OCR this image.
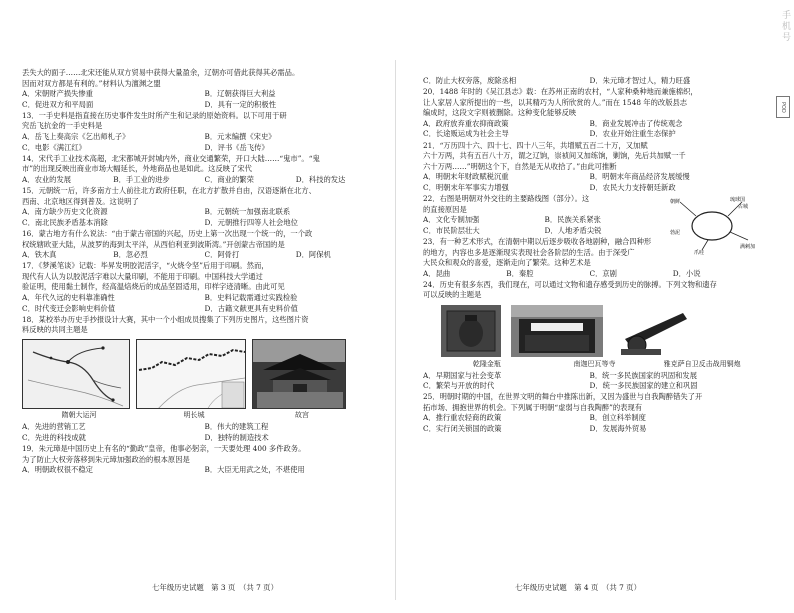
丢失大的面子……北宋还能从双方贸易中获得大量盈余，辽朝亦可借此获得其必需品。

因而对双方都是有利的。”材料认为澶渊之盟

A．宋朝财产损失惨重	B．辽朝获得巨大利益
C．促进双方和平局面	D．具有一定的积极性

13．一手史料是指直接在历史事件发生时所产生和记录的原始资料。以下可用于研

究岳飞抗金的一手史料是

A．岳飞上奏高宗《乞出师札子》	B．元末编撰《宋史》
C．电影《满江红》	D．评书《岳飞传》

14．宋代手工业技术高超，北宋都城开封城内外，商业交通繁荣，开口大陆……“鬼市”。“鬼

市”的出现反映出商业市场大幅延长，外地商品也是如此。这反映了宋代

A．农业的发展	B．手工业的进步	C．商业的繁荣	D．科技的发达

15．元朝统一后，许多南方士人前往北方政府任职，在北方扩散并自由，汉语逐渐在北方、

西南、北京地区得到普及。这说明了

A．南方缺少历史文化资源	B．元朝统一加强南北联系
C．南北民族矛盾基本消除	D．元朝推行四等人社会地位

16．蒙古地方有什么说法：“由于蒙古帝国的兴起，历史上第一次出现一个统一的，一个政

权统辖欧亚大陆，从波罗的海到太平洋，从西伯利亚到波斯湾。”开创蒙古帝国的是

A．铁木真	B．忽必烈	C．阿骨打	D．阿保机

17．《梦溪笔谈》记载：毕昇发明胶泥活字，“火烧令坚”后用于印刷。然而，

现代有人认为以胶泥活字难以大量印刷，不能用于印刷。中国科技大学通过

验证明，使用黏土制作，经高温焙烧后的成品坚固适用，印样字迹清晰。由此可见

A．年代久远的史料靠准确性	B．史料记载需通过实践检验
C．时代变迁会影响史料价值	D．古籍文献更具有史料价值

18．某校举办历史手抄报设计大赛，其中一个小组成员搜集了下列历史图片，这些图片资

料反映的共同主题是

隋朝大运河	明长城	故宫
A．先进的营销工艺	B．伟大的建筑工程
C．先进的科技成就	D．独特的制造技术

19．朱元璋是中国历史上有名的“勤政”皇帝，他事必躬亲，一天要处理 400 多件政务。

为了防止大权旁落移到朱元璋加强政治的根本原因是

A．明朝政权很不稳定	B．大臣无用武之处，不堪使用
七年级历史试题　第 3 页　（共 7 页）
手机号
POD
C．防止大权旁落，废除丞相	D．朱元璋才智过人，精力旺盛

20．1488 年时的《吴江县志》载：在苏州正南的农村，“人家种桑种地而兼施棉织，

让人家居人家所提出的一些，以其精巧为人所欣赏的人。”而在 1548 年的改版县志

编成时，这段文字则被删除。这种变化能够反映

A．政府放弃重农抑商政策	B．商业发展冲击了传统观念
C．长途贩运成为社会主导	D．农业开始注重生态保护

21．“万历四十六、四十七、四十八三年，共增赋五百二十万，又加赋

六十万两，共有五百八十万，谓之辽饷，崇祯间又加练饷，剿饷，先后共加赋一千

六十万两……”明朝这个下，自然是无从收拾了。”由此可推断

A．明朝末年财政赋税沉重	B．明朝末年商品经济发展缓慢
C．明朝末年军事实力增强	D．农民大力支持朝廷新政

22．右图是明朝对外交往的主要路线图（部分）。这

的直接原因是

A．文化专制加强	B．民族关系紧张
C．市民阶层壮大	D．人地矛盾尖锐
朝鲜	琉球国
占城
满剌加
爪哇
勃泥

23．有一种艺术形式，在清朝中期以后逐步吸收各地剧种，融合四种形

的地方，内容也多是逐渐现实表现社会各阶层的生活。由于深受广

大民众和观众的喜爱，逐渐走向了繁荣。这种艺术是

A．昆曲	B．秦腔	C．京剧	D．小说

24．历史有很多东西，我们现在，可以通过文物和遗存感受到历史的脉搏。下列文物和遗存

可以反映的主题是

乾隆金瓶	南迦巴瓦等寺	雅克萨自卫反击战用铜炮
A．早期国家与社会变革	B．统一多民族国家的巩固和发展
C．繁荣与开放的时代	D．统一多民族国家的建立和巩固

25．明朝时期的中国，在世界文明的舞台中推陈出新，又因为盛世与自我陶醉错失了开

拓市场、拥抱世界的机会。下列属于明朝“虚弱与自我陶醉”的表现有

A．推行重农轻商的政策	B．创立科举制度
C．实行闭关锁国的政策	D．发展海外贸易
七年级历史试题　第 4 页　（共 7 页）
